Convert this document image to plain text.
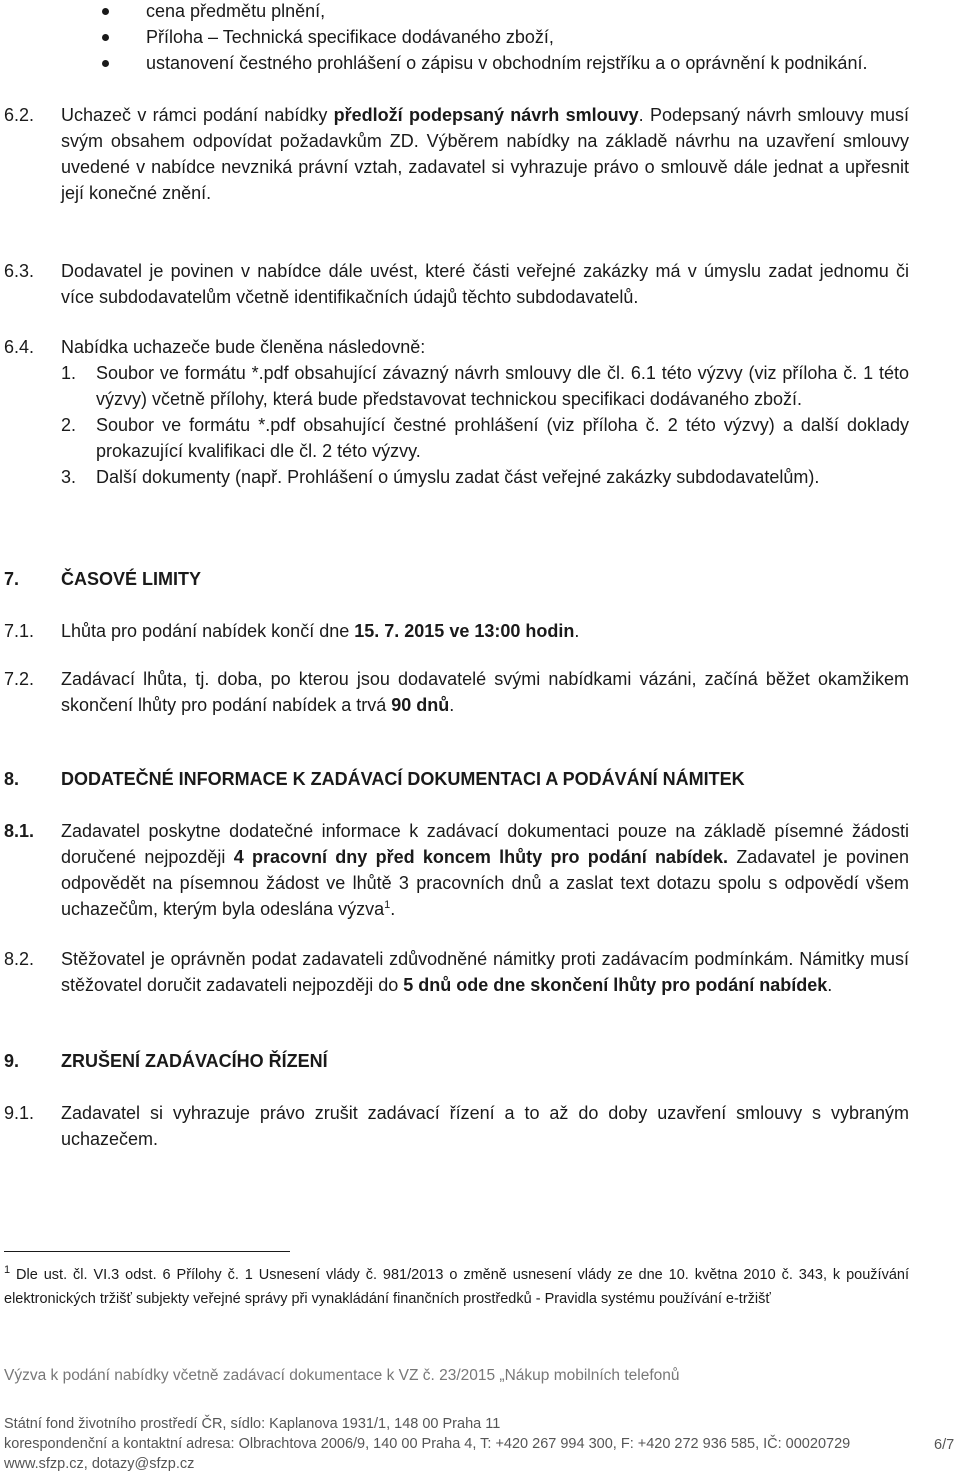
cena předmětu plnění,
Příloha – Technická specifikace dodávaného zboží,
ustanovení čestného prohlášení o zápisu v obchodním rejstříku a o oprávnění k podnikání.
6.2.	Uchazeč v rámci podání nabídky předloží podepsaný návrh smlouvy. Podepsaný návrh smlouvy musí svým obsahem odpovídat požadavkům ZD. Výběrem nabídky na základě návrhu na uzavření smlouvy uvedené v nabídce nevzniká právní vztah, zadavatel si vyhrazuje právo o smlouvě dále jednat a upřesnit její konečné znění.
6.3.	Dodavatel je povinen v nabídce dále uvést, které části veřejné zakázky má v úmyslu zadat jednomu či více subdodavatelům včetně identifikačních údajů těchto subdodavatelů.
6.4.	Nabídka uchazeče bude členěna následovně:
1. Soubor ve formátu *.pdf obsahující závazný návrh smlouvy dle čl. 6.1 této výzvy (viz příloha č. 1 této výzvy) včetně přílohy, která bude představovat technickou specifikaci dodávaného zboží.
2. Soubor ve formátu *.pdf obsahující čestné prohlášení (viz příloha č. 2 této výzvy) a další doklady prokazující kvalifikaci dle čl. 2 této výzvy.
3. Další dokumenty (např. Prohlášení o úmyslu zadat část veřejné zakázky subdodavatelům).
7.	ČASOVÉ LIMITY
7.1.	Lhůta pro podání nabídek končí dne 15. 7. 2015 ve 13:00 hodin.
7.2.	Zadávací lhůta, tj. doba, po kterou jsou dodavatelé svými nabídkami vázáni, začíná běžet okamžikem skončení lhůty pro podání nabídek a trvá 90 dnů.
8.	DODATEČNÉ INFORMACE K ZADÁVACÍ DOKUMENTACI A PODÁVÁNÍ NÁMITEK
8.1.	Zadavatel poskytne dodatečné informace k zadávací dokumentaci pouze na základě písemné žádosti doručené nejpozději 4 pracovní dny před koncem lhůty pro podání nabídek. Zadavatel je povinen odpovědět na písemnou žádost ve lhůtě 3 pracovních dnů a zaslat text dotazu spolu s odpovědí všem uchazečům, kterým byla odeslána výzva$^1$.
8.2.	Stěžovatel je oprávněn podat zadavateli zdůvodněné námitky proti zadávacím podmínkám. Námitky musí stěžovatel doručit zadavateli nejpozději do 5 dnů ode dne skončení lhůty pro podání nabídek.
9.	ZRUŠENÍ ZADÁVACÍHO ŘÍZENÍ
9.1.	Zadavatel si vyhrazuje právo zrušit zadávací řízení a to až do doby uzavření smlouvy s vybraným uchazečem.
$^1$ Dle ust. čl. VI.3 odst. 6 Přílohy č. 1 Usnesení vlády č. 981/2013 o změně usnesení vlády ze dne 10. května 2010 č. 343, k používání elektronických tržišť subjekty veřejné správy při vynakládání finančních prostředků - Pravidla systému používání e-tržišť
Výzva k podání nabídky včetně zadávací dokumentace k VZ č. 23/2015 „Nákup mobilních telefonů
Státní fond životního prostředí ČR, sídlo: Kaplanova 1931/1, 148 00 Praha 11
korespondenční a kontaktní adresa: Olbrachtova 2006/9, 140 00 Praha 4, T: +420 267 994 300, F: +420 272 936 585, IČ: 00020729
www.sfzp.cz, dotazy@sfzp.cz
6/7
